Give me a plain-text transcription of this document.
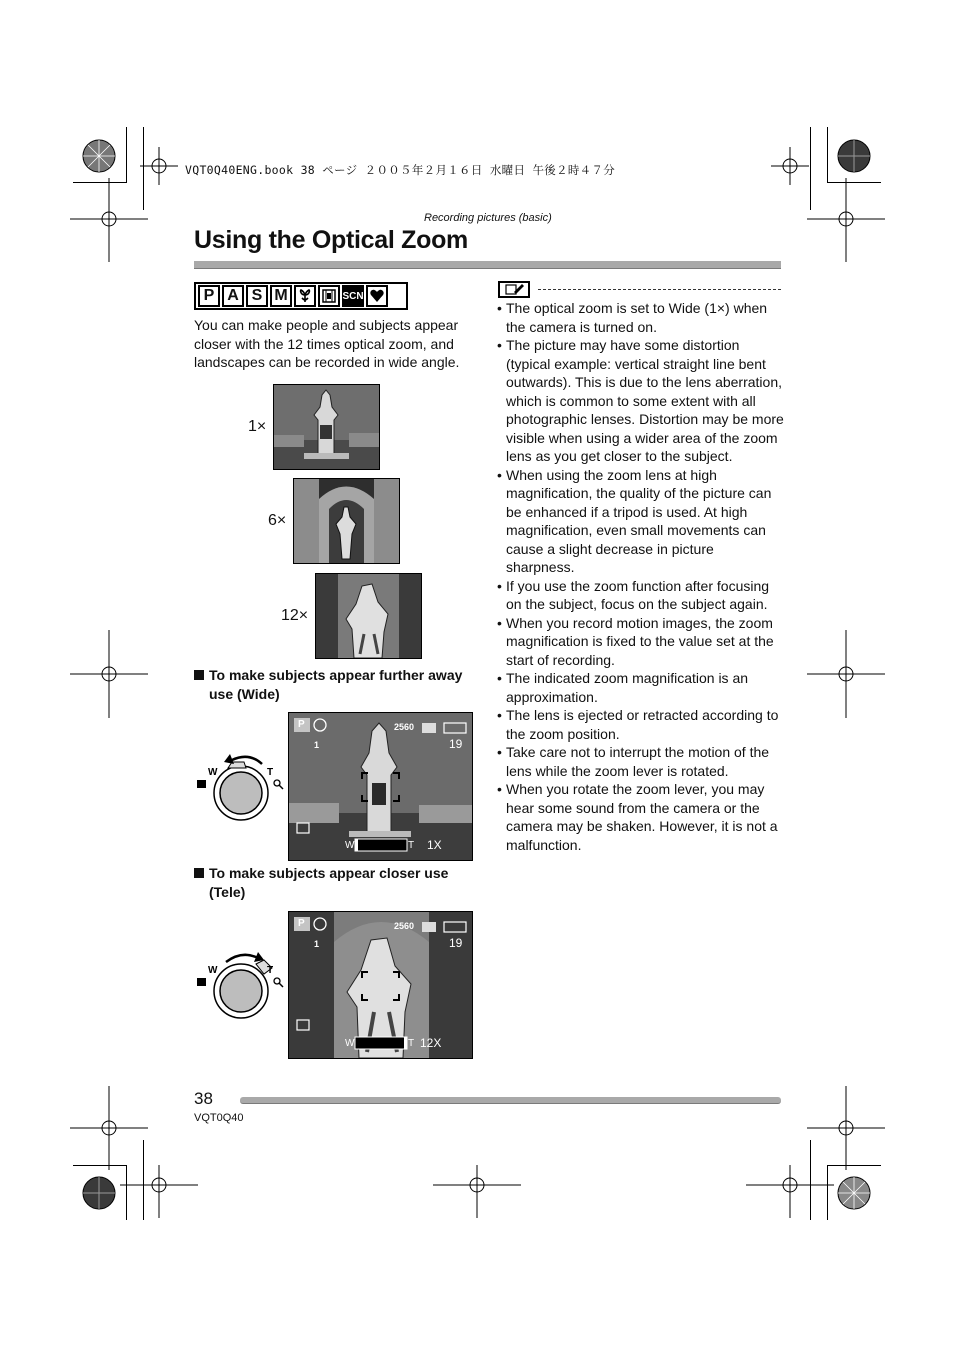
VQT0Q40ENG.book 38 ページ ２００５年２月１６日 水曜日 午後２時４７分
Recording pictures (basic)
Using the Optical Zoom
P A S M	SCN
You can make people and subjects appear closer with the 12 times optical zoom, and landscapes can be recorded in wide angle.
1×
6×
12×
To make subjects appear further away
use (Wide)
W	T
P	2560
19
1
W	T 1X
To make subjects appear closer use
(Tele)
W	T
P	2560
19
1
W	T 12X
• The optical zoom is set to Wide (1×) when the camera is turned on.
• The picture may have some distortion (typical example: vertical straight line bent outwards). This is due to the lens aberration, which is common to some extent with all photographic lenses. Distortion may be more visible when using a wider area of the zoom lens as you get closer to the subject.
• When using the zoom lens at high magnification, the quality of the picture can be enhanced if a tripod is used. At high magnification, even small movements can cause a slight decrease in picture sharpness.
• If you use the zoom function after focusing on the subject, focus on the subject again.
• When you record motion images, the zoom magnification is fixed to the value set at the start of recording.
• The indicated zoom magnification is an approximation.
• The lens is ejected or retracted according to the zoom position.
• Take care not to interrupt the motion of the lens while the zoom lever is rotated.
• When you rotate the zoom lever, you may hear some sound from the camera or the camera may be shaken. However, it is not a malfunction.
38
VQT0Q40
